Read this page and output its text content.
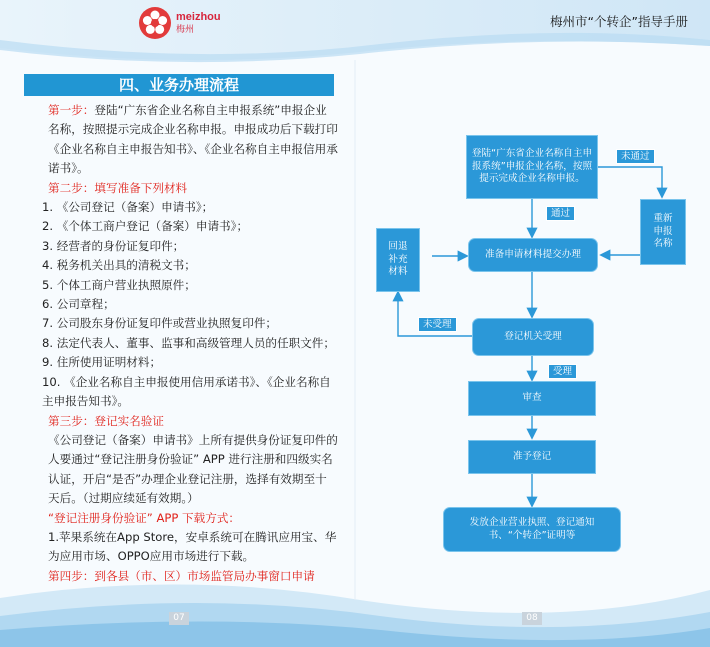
meizhou
梅州	梅州市“个转企”指导手册
四、业务办理流程

第一步：登陆“广东省企业名称自主申报系统”申报企业名称，按照提示完成企业名称申报。申报成功后下载打印《企业名称自主申报告知书》、《企业名称自主申报信用承诺书》。

第二步：填写准备下列材料

1. 《公司登记（备案）申请书》；

2. 《个体工商户登记（备案）申请书》；

3. 经营者的身份证复印件；

4. 税务机关出具的清税文书；

5. 个体工商户营业执照原件；

6. 公司章程；

7. 公司股东身份证复印件或营业执照复印件；

8. 法定代表人、董事、监事和高级管理人员的任职文件；

9. 住所使用证明材料；

10. 《企业名称自主申报使用信用承诺书》、《企业名称自主申报告知书》。

第三步：登记实名验证

《公司登记（备案）申请书》上所有提供身份证复印件的人要通过“登记注册身份验证” APP 进行注册和四级实名认证，开启“是否”办理企业登记注册，选择有效期至十天后。（过期应续延有效期。）

“登记注册身份验证” APP 下载方式：

1.苹果系统在App Store，安卓系统可在腾讯应用宝、华为应用市场、OPPO应用市场进行下载。

第四步：到各县（市、区）市场监管局办事窗口申请

07	08
登陆“广东省企业名称自主申报系统”申报企业名称，按照提示完成企业名称申报。
未通过
重新申报名称
通过
准备申请材料提交办理
回退补充材料
未受理
登记机关受理
受理
审查
准予登记
发放企业营业执照、登记通知书、“个转企”证明等
